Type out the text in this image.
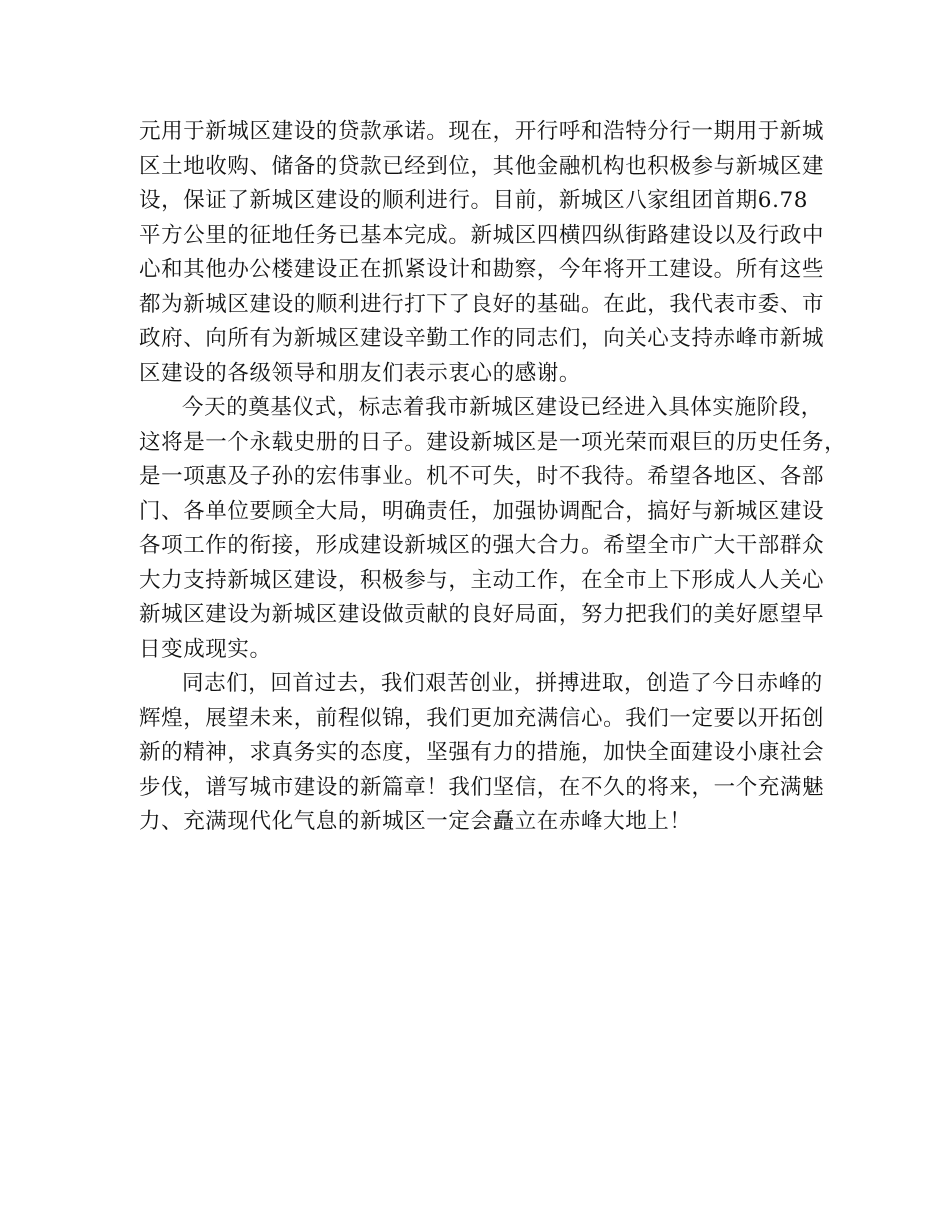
元用于新城区建设的贷款承诺。现在，开行呼和浩特分行一期用于新城
区土地收购、储备的贷款已经到位，其他金融机构也积极参与新城区建
设，保证了新城区建设的顺利进行。目前，新城区八家组团首期6.78
平方公里的征地任务已基本完成。新城区四横四纵街路建设以及行政中
心和其他办公楼建设正在抓紧设计和勘察，今年将开工建设。所有这些
都为新城区建设的顺利进行打下了良好的基础。在此，我代表市委、市
政府、向所有为新城区建设辛勤工作的同志们，向关心支持赤峰市新城
区建设的各级领导和朋友们表示衷心的感谢。
今天的奠基仪式，标志着我市新城区建设已经进入具体实施阶段，
这将是一个永载史册的日子。建设新城区是一项光荣而艰巨的历史任务，
是一项惠及子孙的宏伟事业。机不可失，时不我待。希望各地区、各部
门、各单位要顾全大局，明确责任，加强协调配合，搞好与新城区建设
各项工作的衔接，形成建设新城区的强大合力。希望全市广大干部群众
大力支持新城区建设，积极参与，主动工作，在全市上下形成人人关心
新城区建设为新城区建设做贡献的良好局面，努力把我们的美好愿望早
日变成现实。
同志们，回首过去，我们艰苦创业，拼搏进取，创造了今日赤峰的
辉煌，展望未来，前程似锦，我们更加充满信心。我们一定要以开拓创
新的精神，求真务实的态度，坚强有力的措施，加快全面建设小康社会
步伐，谱写城市建设的新篇章！我们坚信，在不久的将来，一个充满魅
力、充满现代化气息的新城区一定会矗立在赤峰大地上！
